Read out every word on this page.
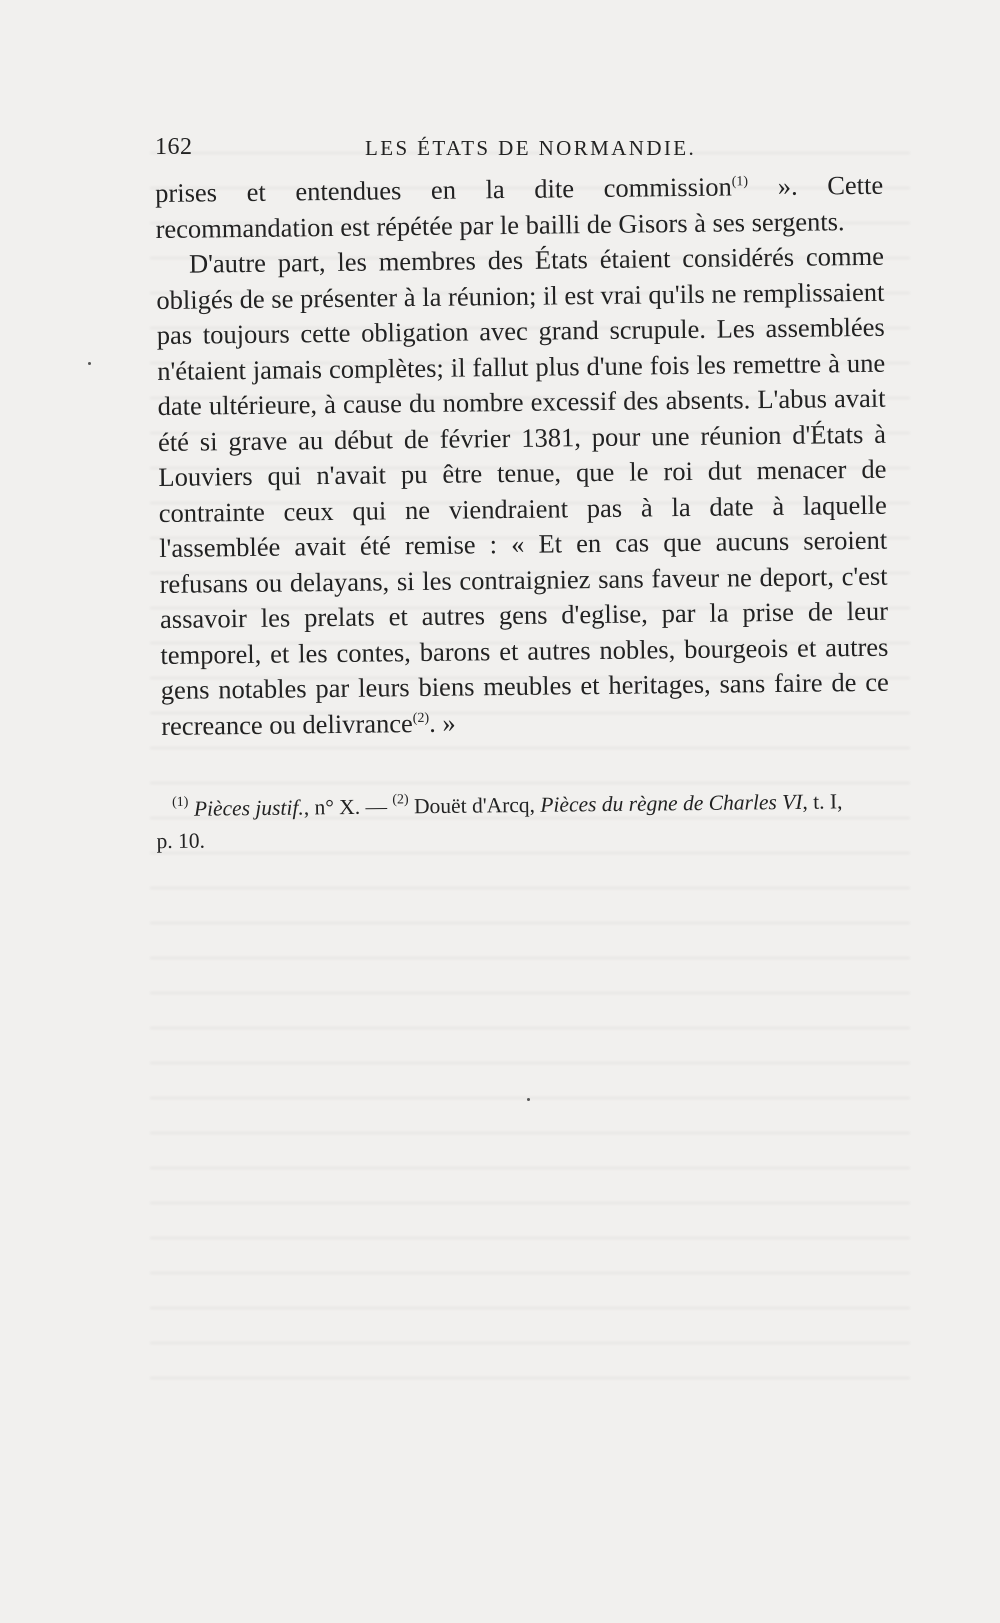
162	LES ÉTATS DE NORMANDIE.

prises et entendues en la dite commission$^{(1)}$ ». Cette recommandation est répétée par le bailli de Gisors à ses sergents.

D'autre part, les membres des États étaient considérés comme obligés de se présenter à la réunion; il est vrai qu'ils ne remplissaient pas toujours cette obligation avec grand scrupule. Les assemblées n'étaient jamais complètes; il fallut plus d'une fois les remettre à une date ultérieure, à cause du nombre excessif des absents. L'abus avait été si grave au début de février 1381, pour une réunion d'États à Louviers qui n'avait pu être tenue, que le roi dut menacer de contrainte ceux qui ne viendraient pas à la date à laquelle l'assemblée avait été remise : « Et en cas que aucuns seroient refusans ou delayans, si les contraigniez sans faveur ne deport, c'est assavoir les prelats et autres gens d'eglise, par la prise de leur temporel, et les contes, barons et autres nobles, bourgeois et autres gens notables par leurs biens meubles et heritages, sans faire de ce recreance ou delivrance$^{(2)}$. »

$^{(1)}$ Pièces justif., n° X. — $^{(2)}$ Douët d'Arcq, Pièces du règne de Charles VI, t. I,

p. 10.
